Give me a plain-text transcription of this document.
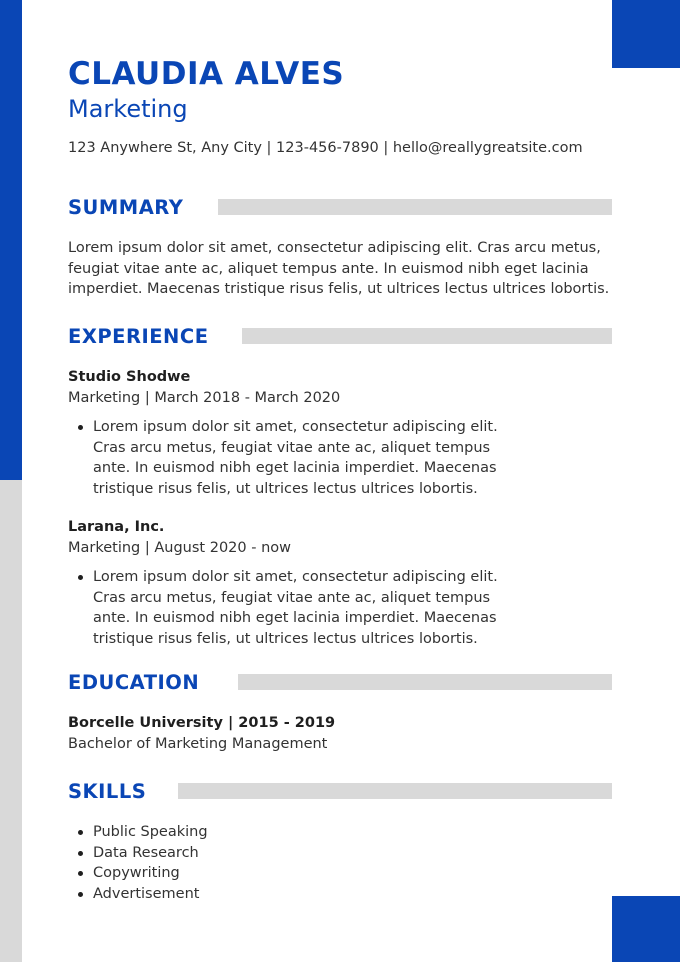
CLAUDIA ALVES

Marketing

123 Anywhere St, Any City | 123-456-7890 | hello@reallygreatsite.com

SUMMARY

Lorem ipsum dolor sit amet, consectetur adipiscing elit. Cras arcu metus, feugiat vitae ante ac, aliquet tempus ante. In euismod nibh eget lacinia imperdiet. Maecenas tristique risus felis, ut ultrices lectus ultrices lobortis.

EXPERIENCE

Studio Shodwe

Marketing | March 2018 - March 2020

Lorem ipsum dolor sit amet, consectetur adipiscing elit. Cras arcu metus, feugiat vitae ante ac, aliquet tempus ante. In euismod nibh eget lacinia imperdiet. Maecenas tristique risus felis, ut ultrices lectus ultrices lobortis.

Larana, Inc.

Marketing | August 2020 - now

Lorem ipsum dolor sit amet, consectetur adipiscing elit. Cras arcu metus, feugiat vitae ante ac, aliquet tempus ante. In euismod nibh eget lacinia imperdiet. Maecenas tristique risus felis, ut ultrices lectus ultrices lobortis.
EDUCATION

Borcelle University | 2015 - 2019

Bachelor of Marketing Management

SKILLS
Public Speaking
Data Research
Copywriting
Advertisement
